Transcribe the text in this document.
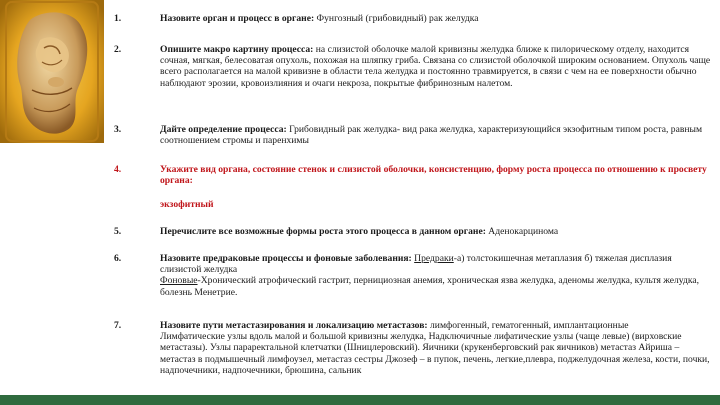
1.	Назовите орган и процесс в органе: Фунгозный (грибовидный) рак желудка
2.	Опишите макро картину процесса: на слизистой оболочке малой кривизны желудка ближе к пилорическому отделу, находится сочная, мягкая, белесоватая опухоль, похожая на шляпку гриба. Связана со слизистой оболочкой широким основанием. Опухоль чаще всего располагается на малой кривизне в области тела желудка и постоянно травмируется, в связи с чем на ее поверхности обычно наблюдают эрозии, кровоизлияния и очаги некроза, покрытые фибринозным налетом.
3.	Дайте определение процесса: Грибовидный рак желудка- вид рака желудка, характеризующийся экзофитным типом роста, равным соотношением стромы и паренхимы
4.	Укажите вид органа, состояние стенок и слизистой оболочки, консистенцию, форму роста процесса по отношению к просвету органа:
экзофитный
5.	Перечислите все возможные формы роста этого процесса в данном органе: Аденокарцинома
6.	Назовите предраковые процессы и фоновые заболевания: Предраки-а) толстокишечная метаплазия б) тяжелая дисплазия слизистой желудка
Фоновые-Хронический атрофический гастрит, пернициозная анемия, хроническая язва желудка, аденомы желудка, культя желудка, болезнь Менетрие.
7.	Назовите пути метастазирования и локализацию метастазов: лимфогенный, гематогенный, имплантационные
Лимфатические узлы вдоль малой и большой кривизны желудка, Надключичные лифатические узлы (чаще левые) (вирховские метастазы). Узлы параректальной клетчатки (Шницлеровский). Яичники (крукенберговский рак яичников) метастаз Айриша – метастаз в подмышечный лимфоузел, метастаз сестры Джозеф – в пупок, печень, легкие,плевра, поджелудочная железа, кости, почки, надпочечники, надпочечники, брюшина, сальник
